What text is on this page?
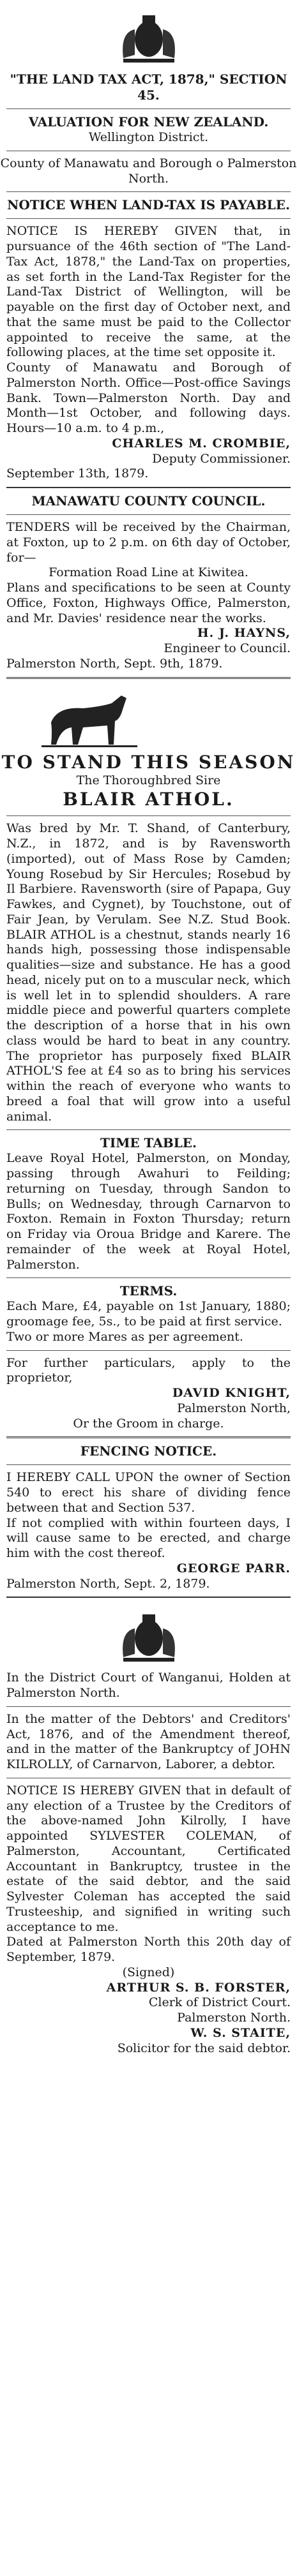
"THE LAND TAX ACT, 1878," SECTION 45.
VALUATION FOR NEW ZEALAND.
Wellington District.
County of Manawatu and Borough o Palmerston North.
NOTICE WHEN LAND-TAX IS PAYABLE.
NOTICE IS HEREBY GIVEN that, in pursuance of the 46th section of "The Land-Tax Act, 1878," the Land-Tax on properties, as set forth in the Land-Tax Register for the Land-Tax District of Wellington, will be payable on the first day of October next, and that the same must be paid to the Collector appointed to receive the same, at the following places, at the time set opposite it.
County of Manawatu and Borough of Palmerston North. Office—Post-office Savings Bank. Town—Palmerston North. Day and Month—1st October, and following days. Hours—10 a.m. to 4 p.m.,
CHARLES M. CROMBIE,
Deputy Commissioner.
September 13th, 1879.
MANAWATU COUNTY COUNCIL.
TENDERS will be received by the Chairman, at Foxton, up to 2 p.m. on 6th day of October, for—
Formation Road Line at Kiwitea.
Plans and specifications to be seen at County Office, Foxton, Highways Office, Palmerston, and Mr. Davies' residence near the works.
H. J. HAYNS,
Engineer to Council.
Palmerston North, Sept. 9th, 1879.
TO STAND THIS SEASON
The Thoroughbred Sire
BLAIR ATHOL.
Was bred by Mr. T. Shand, of Canterbury, N.Z., in 1872, and is by Ravensworth (imported), out of Mass Rose by Camden; Young Rosebud by Sir Hercules; Rosebud by Il Barbiere. Ravensworth (sire of Papapa, Guy Fawkes, and Cygnet), by Touchstone, out of Fair Jean, by Verulam. See N.Z. Stud Book. BLAIR ATHOL is a chestnut, stands nearly 16 hands high, possessing those indispensable qualities—size and substance. He has a good head, nicely put on to a muscular neck, which is well let in to splendid shoulders. A rare middle piece and powerful quarters complete the description of a horse that in his own class would be hard to beat in any country. The proprietor has purposely fixed BLAIR ATHOL'S fee at £4 so as to bring his services within the reach of everyone who wants to breed a foal that will grow into a useful animal.
TIME TABLE.
Leave Royal Hotel, Palmerston, on Monday, passing through Awahuri to Feilding; returning on Tuesday, through Sandon to Bulls; on Wednesday, through Carnarvon to Foxton. Remain in Foxton Thursday; return on Friday via Oroua Bridge and Karere. The remainder of the week at Royal Hotel, Palmerston.
TERMS.
Each Mare, £4, payable on 1st January, 1880; groomage fee, 5s., to be paid at first service.
Two or more Mares as per agreement.
For further particulars, apply to the proprietor,
DAVID KNIGHT,
Palmerston North,
Or the Groom in charge.
FENCING NOTICE.
I HEREBY CALL UPON the owner of Section 540 to erect his share of dividing fence between that and Section 537.
If not complied with within fourteen days, I will cause same to be erected, and charge him with the cost thereof.
GEORGE PARR.
Palmerston North, Sept. 2, 1879.
In the District Court of Wanganui, Holden at Palmerston North.
In the matter of the Debtors' and Creditors' Act, 1876, and of the Amendment thereof, and in the matter of the Bankruptcy of JOHN KILROLLY, of Carnarvon, Laborer, a debtor.
NOTICE IS HEREBY GIVEN that in default of any election of a Trustee by the Creditors of the above-named John Kilrolly, I have appointed SYLVESTER COLEMAN, of Palmerston, Accountant, Certificated Accountant in Bankruptcy, trustee in the estate of the said debtor, and the said Sylvester Coleman has accepted the said Trusteeship, and signified in writing such acceptance to me.
Dated at Palmerston North this 20th day of September, 1879.
(Signed)
ARTHUR S. B. FORSTER,
Clerk of District Court.
Palmerston North.
W. S. STAITE,
Solicitor for the said debtor.
